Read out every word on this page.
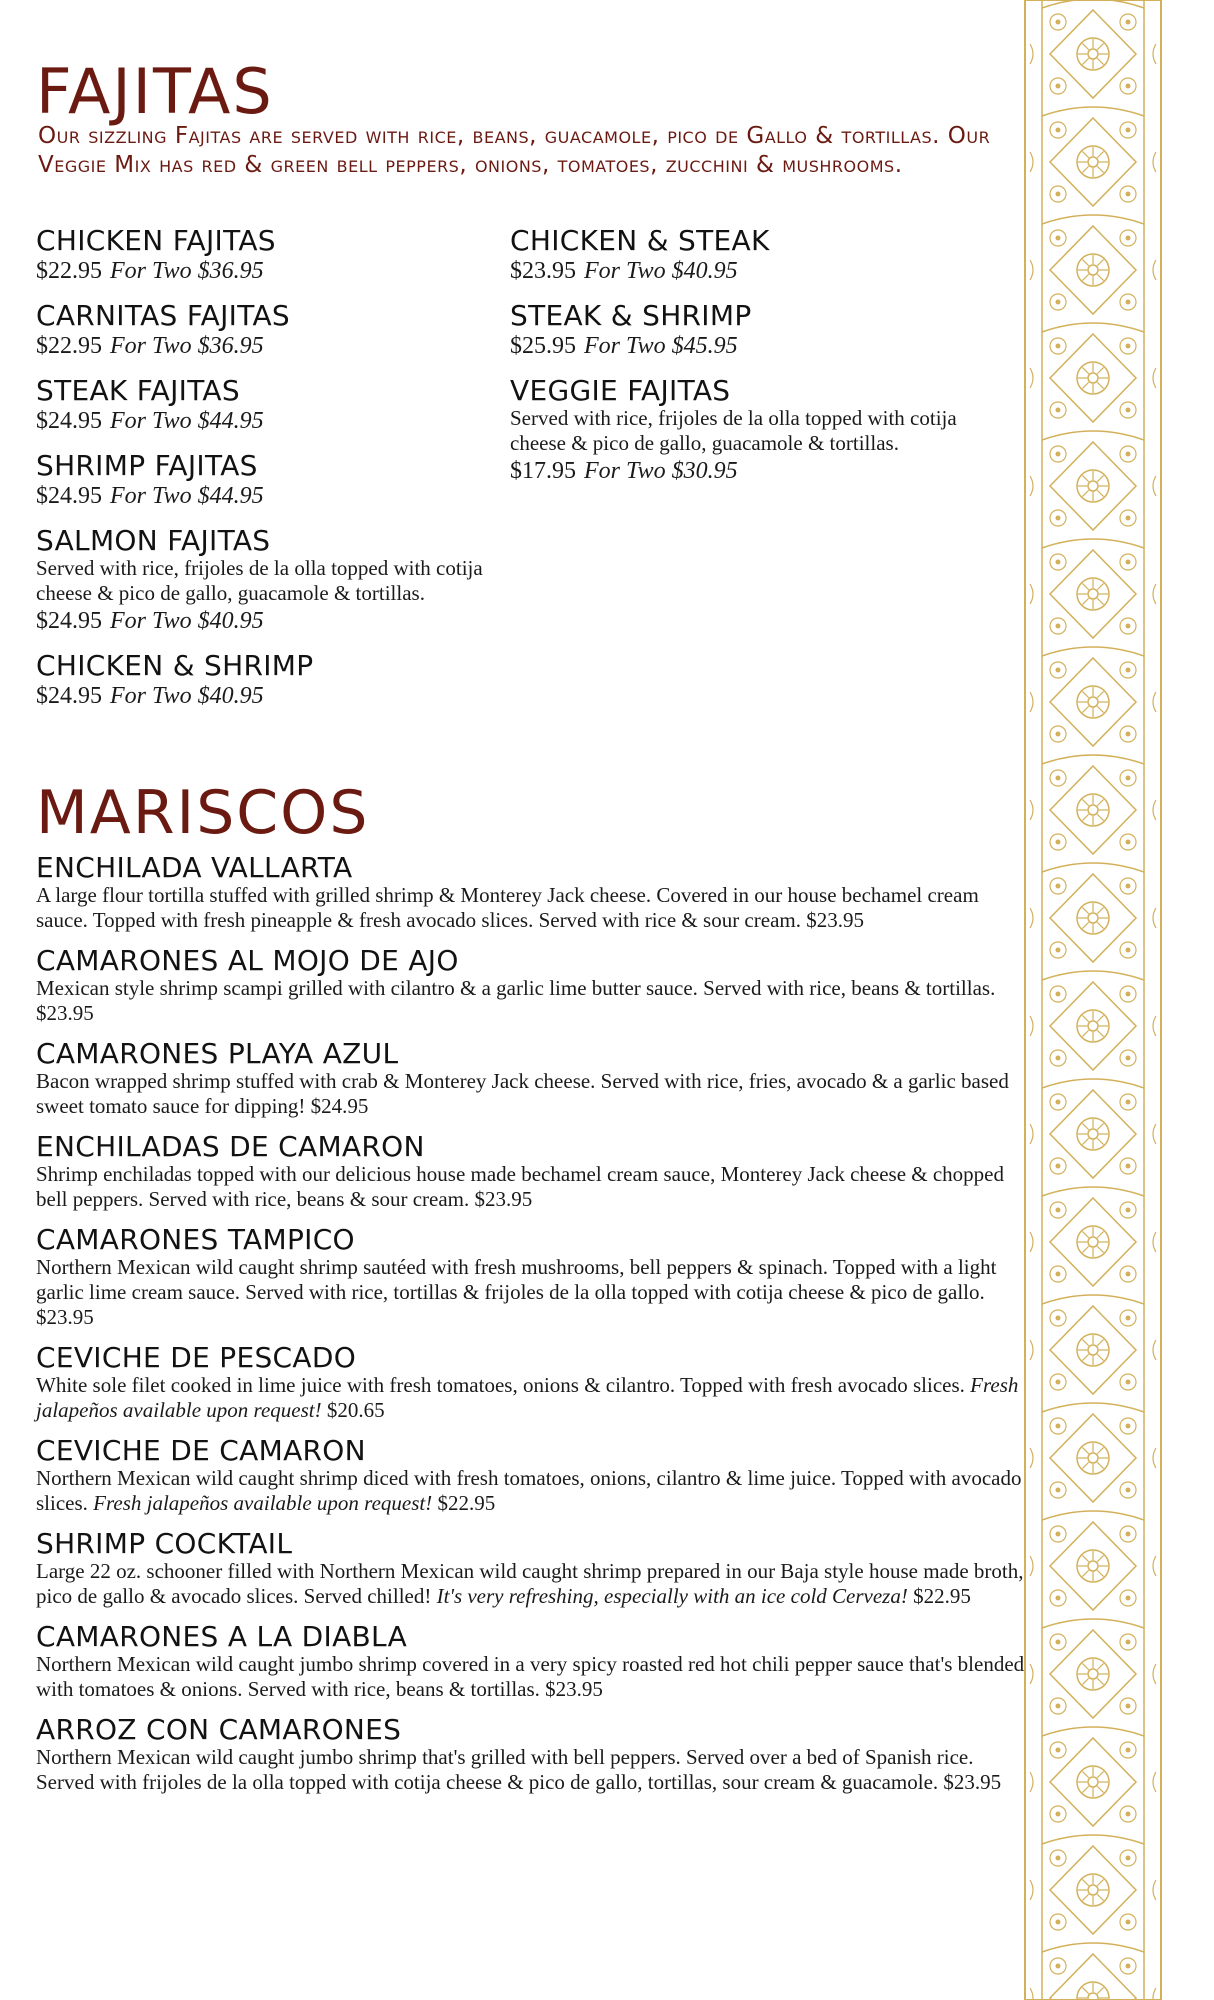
FAJITAS
Our sizzling Fajitas are served with rice, beans, guacamole, pico de Gallo & tortillas. Our Veggie Mix has red & green bell peppers, onions, tomatoes, zucchini & mushrooms.
CHICKEN FAJITAS
$22.95 For Two $36.95
CARNITAS FAJITAS
$22.95 For Two $36.95
STEAK FAJITAS
$24.95 For Two $44.95
SHRIMP FAJITAS
$24.95 For Two $44.95
SALMON FAJITAS
Served with rice, frijoles de la olla topped with cotija cheese & pico de gallo, guacamole & tortillas.
$24.95 For Two $40.95
CHICKEN & SHRIMP
$24.95 For Two $40.95
CHICKEN & STEAK
$23.95 For Two $40.95
STEAK & SHRIMP
$25.95 For Two $45.95
VEGGIE FAJITAS
Served with rice, frijoles de la olla topped with cotija cheese & pico de gallo, guacamole & tortillas.
$17.95 For Two $30.95
MARISCOS
ENCHILADA VALLARTA
A large flour tortilla stuffed with grilled shrimp & Monterey Jack cheese. Covered in our house bechamel cream sauce. Topped with fresh pineapple & fresh avocado slices. Served with rice & sour cream. $23.95
CAMARONES AL MOJO DE AJO
Mexican style shrimp scampi grilled with cilantro & a garlic lime butter sauce. Served with rice, beans & tortillas. $23.95
CAMARONES PLAYA AZUL
Bacon wrapped shrimp stuffed with crab & Monterey Jack cheese. Served with rice, fries, avocado & a garlic based sweet tomato sauce for dipping! $24.95
ENCHILADAS DE CAMARON
Shrimp enchiladas topped with our delicious house made bechamel cream sauce, Monterey Jack cheese & chopped bell peppers. Served with rice, beans & sour cream. $23.95
CAMARONES TAMPICO
Northern Mexican wild caught shrimp sautéed with fresh mushrooms, bell peppers & spinach. Topped with a light garlic lime cream sauce. Served with rice, tortillas & frijoles de la olla topped with cotija cheese & pico de gallo. $23.95
CEVICHE DE PESCADO
White sole filet cooked in lime juice with fresh tomatoes, onions & cilantro. Topped with fresh avocado slices. Fresh jalapeños available upon request! $20.65
CEVICHE DE CAMARON
Northern Mexican wild caught shrimp diced with fresh tomatoes, onions, cilantro & lime juice. Topped with avocado slices. Fresh jalapeños available upon request! $22.95
SHRIMP COCKTAIL
Large 22 oz. schooner filled with Northern Mexican wild caught shrimp prepared in our Baja style house made broth, pico de gallo & avocado slices. Served chilled! It's very refreshing, especially with an ice cold Cerveza! $22.95
CAMARONES A LA DIABLA
Northern Mexican wild caught jumbo shrimp covered in a very spicy roasted red hot chili pepper sauce that's blended with tomatoes & onions. Served with rice, beans & tortillas. $23.95
ARROZ CON CAMARONES
Northern Mexican wild caught jumbo shrimp that's grilled with bell peppers. Served over a bed of Spanish rice. Served with frijoles de la olla topped with cotija cheese & pico de gallo, tortillas, sour cream & guacamole. $23.95
